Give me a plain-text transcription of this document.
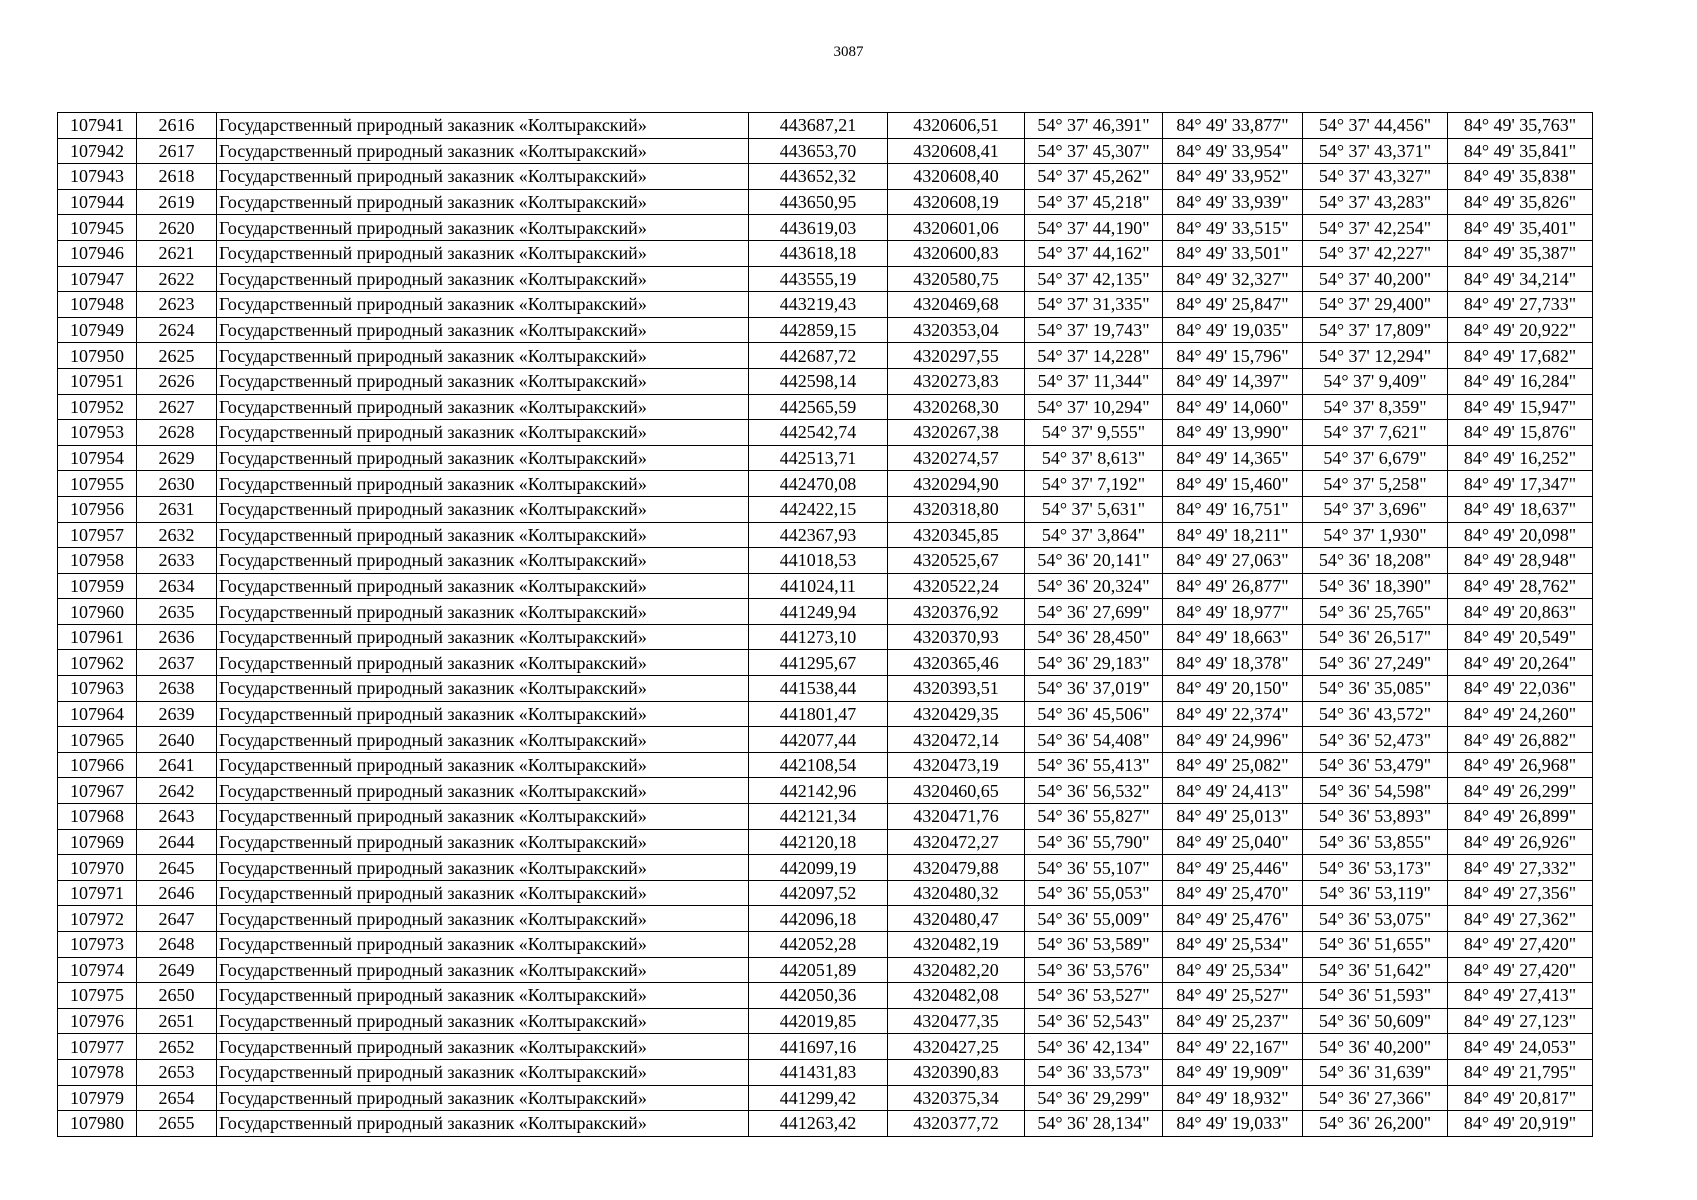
3087
107941	2616	Государственный природный заказник «Колтыракский»	443687,21	4320606,51	54° 37' 46,391"	84° 49' 33,877"	54° 37' 44,456"	84° 49' 35,763"
107942	2617	Государственный природный заказник «Колтыракский»	443653,70	4320608,41	54° 37' 45,307"	84° 49' 33,954"	54° 37' 43,371"	84° 49' 35,841"
107943	2618	Государственный природный заказник «Колтыракский»	443652,32	4320608,40	54° 37' 45,262"	84° 49' 33,952"	54° 37' 43,327"	84° 49' 35,838"
107944	2619	Государственный природный заказник «Колтыракский»	443650,95	4320608,19	54° 37' 45,218"	84° 49' 33,939"	54° 37' 43,283"	84° 49' 35,826"
107945	2620	Государственный природный заказник «Колтыракский»	443619,03	4320601,06	54° 37' 44,190"	84° 49' 33,515"	54° 37' 42,254"	84° 49' 35,401"
107946	2621	Государственный природный заказник «Колтыракский»	443618,18	4320600,83	54° 37' 44,162"	84° 49' 33,501"	54° 37' 42,227"	84° 49' 35,387"
107947	2622	Государственный природный заказник «Колтыракский»	443555,19	4320580,75	54° 37' 42,135"	84° 49' 32,327"	54° 37' 40,200"	84° 49' 34,214"
107948	2623	Государственный природный заказник «Колтыракский»	443219,43	4320469,68	54° 37' 31,335"	84° 49' 25,847"	54° 37' 29,400"	84° 49' 27,733"
107949	2624	Государственный природный заказник «Колтыракский»	442859,15	4320353,04	54° 37' 19,743"	84° 49' 19,035"	54° 37' 17,809"	84° 49' 20,922"
107950	2625	Государственный природный заказник «Колтыракский»	442687,72	4320297,55	54° 37' 14,228"	84° 49' 15,796"	54° 37' 12,294"	84° 49' 17,682"
107951	2626	Государственный природный заказник «Колтыракский»	442598,14	4320273,83	54° 37' 11,344"	84° 49' 14,397"	54° 37' 9,409"	84° 49' 16,284"
107952	2627	Государственный природный заказник «Колтыракский»	442565,59	4320268,30	54° 37' 10,294"	84° 49' 14,060"	54° 37' 8,359"	84° 49' 15,947"
107953	2628	Государственный природный заказник «Колтыракский»	442542,74	4320267,38	54° 37' 9,555"	84° 49' 13,990"	54° 37' 7,621"	84° 49' 15,876"
107954	2629	Государственный природный заказник «Колтыракский»	442513,71	4320274,57	54° 37' 8,613"	84° 49' 14,365"	54° 37' 6,679"	84° 49' 16,252"
107955	2630	Государственный природный заказник «Колтыракский»	442470,08	4320294,90	54° 37' 7,192"	84° 49' 15,460"	54° 37' 5,258"	84° 49' 17,347"
107956	2631	Государственный природный заказник «Колтыракский»	442422,15	4320318,80	54° 37' 5,631"	84° 49' 16,751"	54° 37' 3,696"	84° 49' 18,637"
107957	2632	Государственный природный заказник «Колтыракский»	442367,93	4320345,85	54° 37' 3,864"	84° 49' 18,211"	54° 37' 1,930"	84° 49' 20,098"
107958	2633	Государственный природный заказник «Колтыракский»	441018,53	4320525,67	54° 36' 20,141"	84° 49' 27,063"	54° 36' 18,208"	84° 49' 28,948"
107959	2634	Государственный природный заказник «Колтыракский»	441024,11	4320522,24	54° 36' 20,324"	84° 49' 26,877"	54° 36' 18,390"	84° 49' 28,762"
107960	2635	Государственный природный заказник «Колтыракский»	441249,94	4320376,92	54° 36' 27,699"	84° 49' 18,977"	54° 36' 25,765"	84° 49' 20,863"
107961	2636	Государственный природный заказник «Колтыракский»	441273,10	4320370,93	54° 36' 28,450"	84° 49' 18,663"	54° 36' 26,517"	84° 49' 20,549"
107962	2637	Государственный природный заказник «Колтыракский»	441295,67	4320365,46	54° 36' 29,183"	84° 49' 18,378"	54° 36' 27,249"	84° 49' 20,264"
107963	2638	Государственный природный заказник «Колтыракский»	441538,44	4320393,51	54° 36' 37,019"	84° 49' 20,150"	54° 36' 35,085"	84° 49' 22,036"
107964	2639	Государственный природный заказник «Колтыракский»	441801,47	4320429,35	54° 36' 45,506"	84° 49' 22,374"	54° 36' 43,572"	84° 49' 24,260"
107965	2640	Государственный природный заказник «Колтыракский»	442077,44	4320472,14	54° 36' 54,408"	84° 49' 24,996"	54° 36' 52,473"	84° 49' 26,882"
107966	2641	Государственный природный заказник «Колтыракский»	442108,54	4320473,19	54° 36' 55,413"	84° 49' 25,082"	54° 36' 53,479"	84° 49' 26,968"
107967	2642	Государственный природный заказник «Колтыракский»	442142,96	4320460,65	54° 36' 56,532"	84° 49' 24,413"	54° 36' 54,598"	84° 49' 26,299"
107968	2643	Государственный природный заказник «Колтыракский»	442121,34	4320471,76	54° 36' 55,827"	84° 49' 25,013"	54° 36' 53,893"	84° 49' 26,899"
107969	2644	Государственный природный заказник «Колтыракский»	442120,18	4320472,27	54° 36' 55,790"	84° 49' 25,040"	54° 36' 53,855"	84° 49' 26,926"
107970	2645	Государственный природный заказник «Колтыракский»	442099,19	4320479,88	54° 36' 55,107"	84° 49' 25,446"	54° 36' 53,173"	84° 49' 27,332"
107971	2646	Государственный природный заказник «Колтыракский»	442097,52	4320480,32	54° 36' 55,053"	84° 49' 25,470"	54° 36' 53,119"	84° 49' 27,356"
107972	2647	Государственный природный заказник «Колтыракский»	442096,18	4320480,47	54° 36' 55,009"	84° 49' 25,476"	54° 36' 53,075"	84° 49' 27,362"
107973	2648	Государственный природный заказник «Колтыракский»	442052,28	4320482,19	54° 36' 53,589"	84° 49' 25,534"	54° 36' 51,655"	84° 49' 27,420"
107974	2649	Государственный природный заказник «Колтыракский»	442051,89	4320482,20	54° 36' 53,576"	84° 49' 25,534"	54° 36' 51,642"	84° 49' 27,420"
107975	2650	Государственный природный заказник «Колтыракский»	442050,36	4320482,08	54° 36' 53,527"	84° 49' 25,527"	54° 36' 51,593"	84° 49' 27,413"
107976	2651	Государственный природный заказник «Колтыракский»	442019,85	4320477,35	54° 36' 52,543"	84° 49' 25,237"	54° 36' 50,609"	84° 49' 27,123"
107977	2652	Государственный природный заказник «Колтыракский»	441697,16	4320427,25	54° 36' 42,134"	84° 49' 22,167"	54° 36' 40,200"	84° 49' 24,053"
107978	2653	Государственный природный заказник «Колтыракский»	441431,83	4320390,83	54° 36' 33,573"	84° 49' 19,909"	54° 36' 31,639"	84° 49' 21,795"
107979	2654	Государственный природный заказник «Колтыракский»	441299,42	4320375,34	54° 36' 29,299"	84° 49' 18,932"	54° 36' 27,366"	84° 49' 20,817"
107980	2655	Государственный природный заказник «Колтыракский»	441263,42	4320377,72	54° 36' 28,134"	84° 49' 19,033"	54° 36' 26,200"	84° 49' 20,919"
